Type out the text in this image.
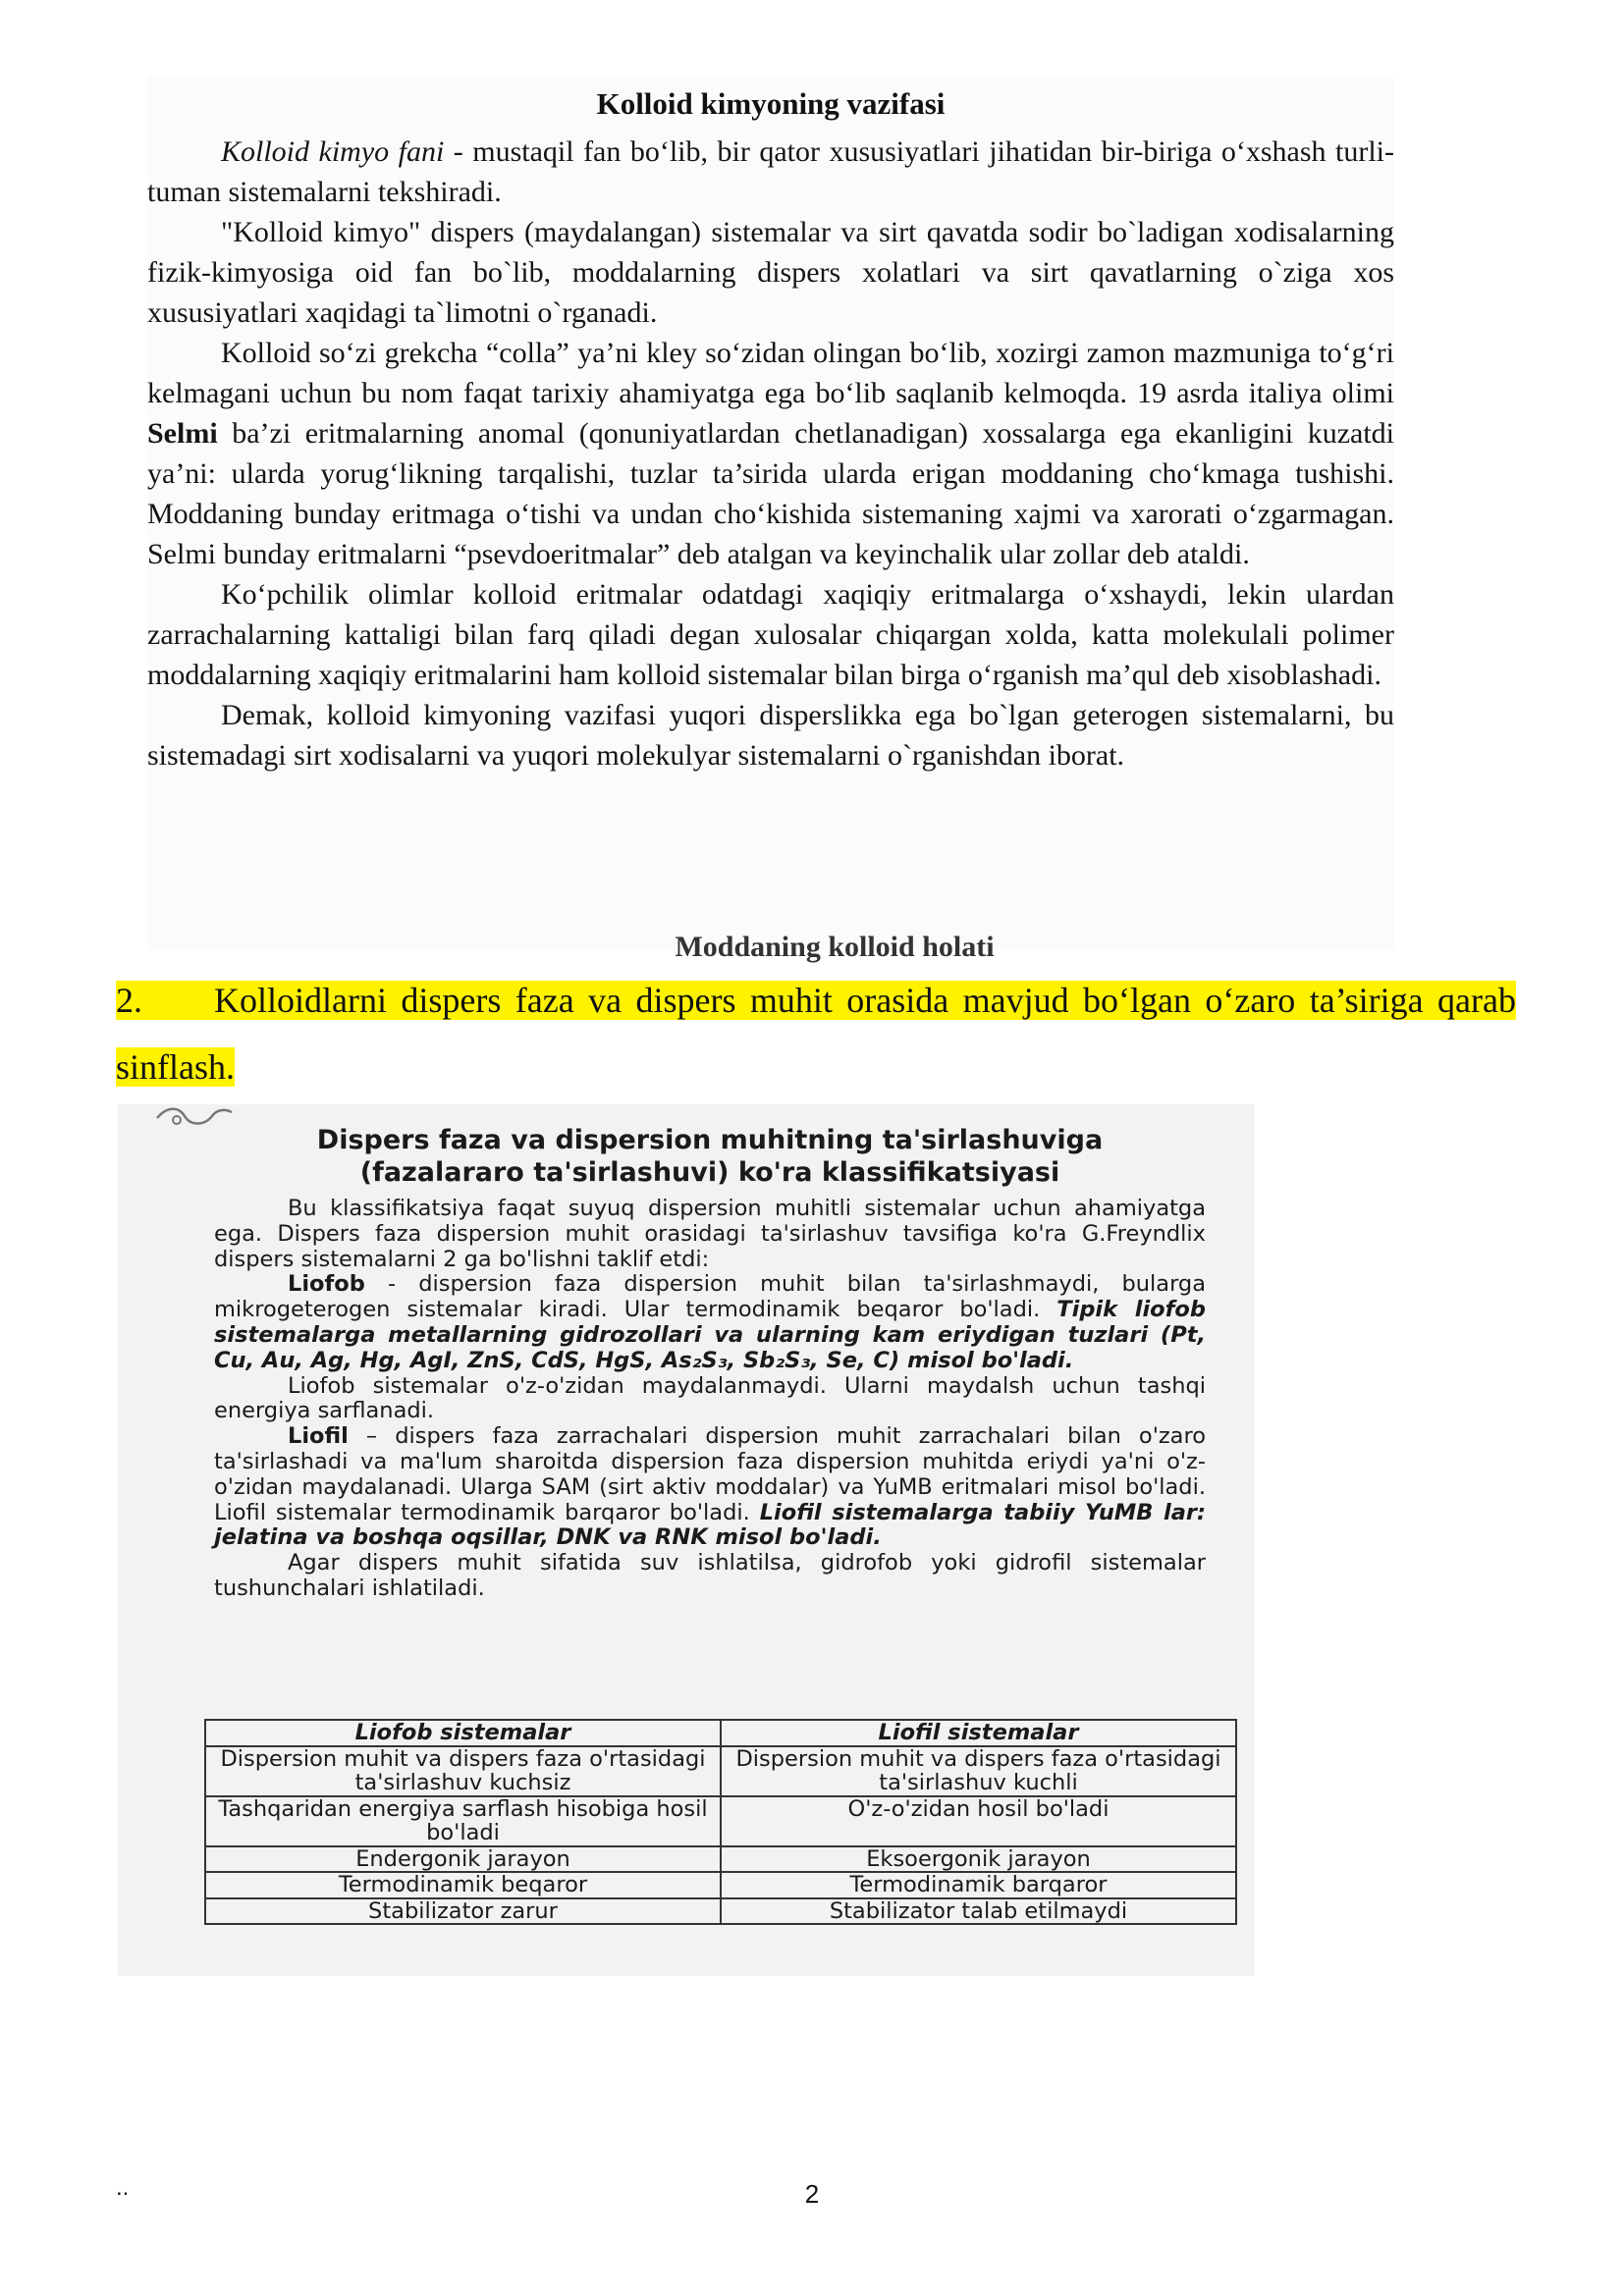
Kolloid kimyoning vazifasi

Kolloid kimyo fani - mustaqil fan bo‘lib, bir qator xususiyatlari jihatidan bir-biriga o‘xshash turli-tuman sistemalarni tekshiradi.

"Kolloid kimyo" dispers (maydalangan) sistemalar va sirt qavatda sodir bo`ladigan xodisalarning fizik-kimyosiga oid fan bo`lib, moddalarning dispers xolatlari va sirt qavatlarning o`ziga xos xususiyatlari xaqidagi ta`limotni o`rganadi.

Kolloid so‘zi grekcha “colla” ya’ni kley so‘zidan olingan bo‘lib, xozirgi zamon mazmuniga to‘g‘ri kelmagani uchun bu nom faqat tarixiy ahamiyatga ega bo‘lib saqlanib kelmoqda. 19 asrda italiya olimi Selmi ba’zi eritmalarning anomal (qonuniyatlardan chetlanadigan) xossalarga ega ekanligini kuzatdi ya’ni: ularda yorug‘likning tarqalishi, tuzlar ta’sirida ularda erigan moddaning cho‘kmaga tushishi. Moddaning bunday eritmaga o‘tishi va undan cho‘kishida sistemaning xajmi va xarorati o‘zgarmagan. Selmi bunday eritmalarni “psevdoeritmalar” deb atalgan va keyinchalik ular zollar deb ataldi.

Ko‘pchilik olimlar kolloid eritmalar odatdagi xaqiqiy eritmalarga o‘xshaydi, lekin ulardan zarrachalarning kattaligi bilan farq qiladi degan xulosalar chiqargan xolda, katta molekulali polimer moddalarning xaqiqiy eritmalarini ham kolloid sistemalar bilan birga o‘rganish ma’qul deb xisoblashadi.

Demak, kolloid kimyoning vazifasi yuqori disperslikka ega bo`lgan geterogen sistemalarni, bu sistemadagi sirt xodisalarni va yuqori molekulyar sistemalarni o`rganishdan iborat.

Moddaning kolloid holati
2. Kolloidlarni dispers faza va dispers muhit orasida mavjud bo‘lgan o‘zaro ta’siriga qarab sinflash.
Dispers faza va dispersion muhitning ta'sirlashuviga
(fazalararo ta'sirlashuvi) ko'ra klassifikatsiyasi

Bu klassifikatsiya faqat suyuq dispersion muhitli sistemalar uchun ahamiyatga ega. Dispers faza dispersion muhit orasidagi ta'sirlashuv tavsifiga ko'ra G.Freyndlix dispers sistemalarni 2 ga bo'lishni taklif etdi:

Liofob - dispersion faza dispersion muhit bilan ta'sirlashmaydi, bularga mikrogeterogen sistemalar kiradi. Ular termodinamik beqaror bo'ladi. Tipik liofob sistemalarga metallarning gidrozollari va ularning kam eriydigan tuzlari (Pt, Cu, Au, Ag, Hg, AgI, ZnS, CdS, HgS, As₂S₃, Sb₂S₃, Se, C) misol bo'ladi.

Liofob sistemalar o'z-o'zidan maydalanmaydi. Ularni maydalsh uchun tashqi energiya sarflanadi.

Liofil – dispers faza zarrachalari dispersion muhit zarrachalari bilan o'zaro ta'sirlashadi va ma'lum sharoitda dispersion faza dispersion muhitda eriydi ya'ni o'z-o'zidan maydalanadi. Ularga SAM (sirt aktiv moddalar) va YuMB eritmalari misol bo'ladi. Liofil sistemalar termodinamik barqaror bo'ladi. Liofil sistemalarga tabiiy YuMB lar: jelatina va boshqa oqsillar, DNK va RNK misol bo'ladi.

Agar dispers muhit sifatida suv ishlatilsa, gidrofob yoki gidrofil sistemalar tushunchalari ishlatiladi.

Liofob sistemalar	Liofil sistemalar
Dispersion muhit va dispers faza o'rtasidagi ta'sirlashuv kuchsiz	Dispersion muhit va dispers faza o'rtasidagi ta'sirlashuv kuchli
Tashqaridan energiya sarflash hisobiga hosil bo'ladi	O'z-o'zidan hosil bo'ladi
Endergonik jarayon	Eksoergonik jarayon
Termodinamik beqaror	Termodinamik barqaror
Stabilizator zarur	Stabilizator talab etilmaydi
..	2
